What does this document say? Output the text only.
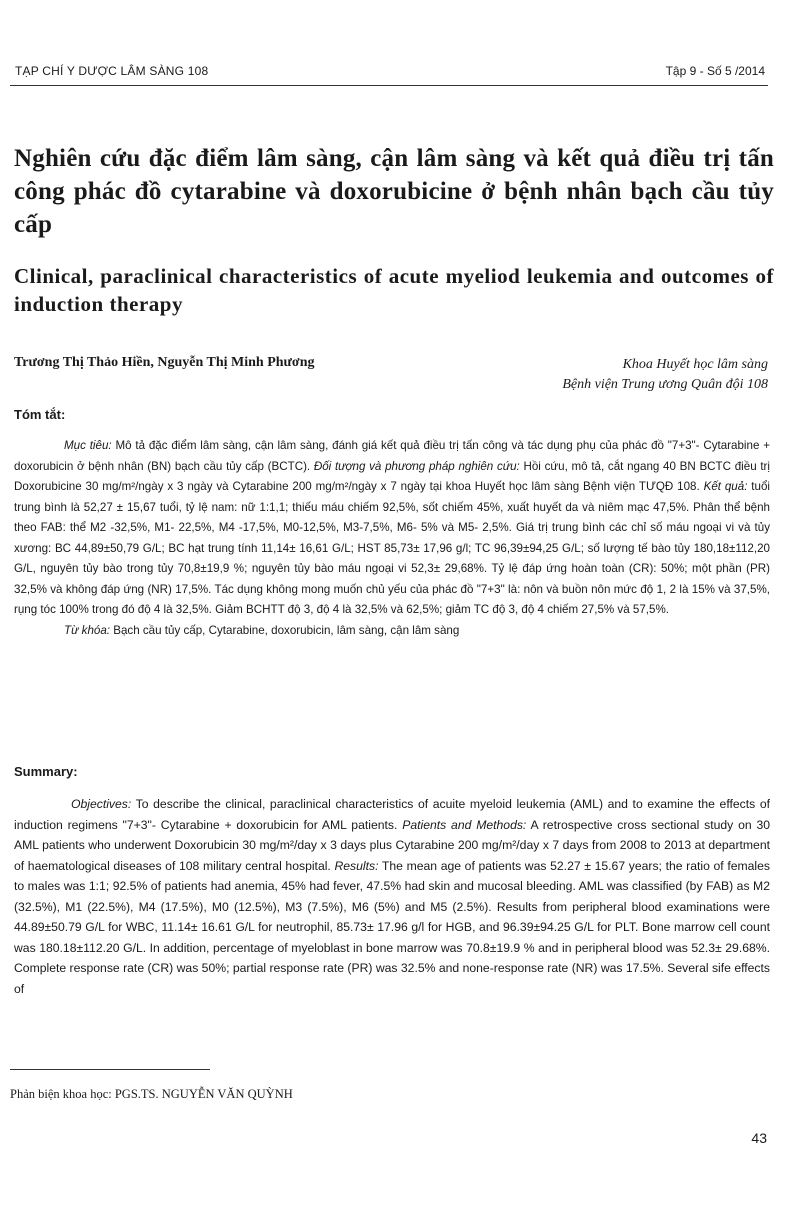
TẠP CHÍ Y DƯỢC LÂM SÀNG 108	Tập 9 - Số 5 /2014
Nghiên cứu đặc điểm lâm sàng, cận lâm sàng và kết quả điều trị tấn công phác đồ cytarabine và doxorubicine ở bệnh nhân bạch cầu tủy cấp
Clinical, paraclinical characteristics of acute myeliod leukemia and outcomes of induction therapy
Trương Thị Thảo Hiền, Nguyễn Thị Minh Phương	Khoa Huyết học lâm sàng
Bệnh viện Trung ương Quân đội 108
Tóm tắt:

Mục tiêu: Mô tả đặc điểm lâm sàng, cận lâm sàng, đánh giá kết quả điều trị tấn công và tác dụng phụ của phác đồ "7+3"- Cytarabine + doxorubicin ở bệnh nhân (BN) bạch cầu tủy cấp (BCTC). Đối tượng và phương pháp nghiên cứu: Hồi cứu, mô tả, cắt ngang 40 BN BCTC điều trị Doxorubicine 30 mg/m²/ngày x 3 ngày và Cytarabine 200 mg/m²/ngày x 7 ngày tại khoa Huyết học lâm sàng Bệnh viện TƯQĐ 108. Kết quả: tuổi trung bình là 52,27 ± 15,67 tuổi, tỷ lệ nam: nữ 1:1,1; thiếu máu chiếm 92,5%, sốt chiếm 45%, xuất huyết da và niêm mạc 47,5%. Phân thể bệnh theo FAB: thể M2 -32,5%, M1- 22,5%, M4 -17,5%, M0-12,5%, M3-7,5%, M6- 5% và M5- 2,5%. Giá trị trung bình các chỉ số máu ngoại vi và tủy xương: BC 44,89±50,79 G/L; BC hạt trung tính 11,14± 16,61 G/L; HST 85,73± 17,96 g/l; TC 96,39±94,25 G/L; số lượng tế bào tủy 180,18±112,20 G/L, nguyên tủy bào trong tủy 70,8±19,9 %; nguyên tủy bào máu ngoại vi 52,3± 29,68%. Tỷ lệ đáp ứng hoàn toàn (CR): 50%; một phần (PR) 32,5% và không đáp ứng (NR) 17,5%. Tác dụng không mong muốn chủ yếu của phác đồ "7+3" là: nôn và buồn nôn mức độ 1, 2 là 15% và 37,5%, rụng tóc 100% trong đó độ 4 là 32,5%. Giảm BCHTT độ 3, độ 4 là 32,5% và 62,5%; giảm TC độ 3, độ 4 chiếm 27,5% và 57,5%.

Từ khóa: Bạch cầu tủy cấp, Cytarabine, doxorubicin, lâm sàng, cận lâm sàng

Summary:

Objectives: To describe the clinical, paraclinical characteristics of acuite myeloid leukemia (AML) and to examine the effects of induction regimens "7+3"- Cytarabine + doxorubicin for AML patients. Patients and Methods: A retrospective cross sectional study on 30 AML patients who underwent Doxorubicin 30 mg/m²/day x 3 days plus Cytarabine 200 mg/m²/day x 7 days from 2008 to 2013 at department of haematological diseases of 108 military central hospital. Results: The mean age of patients was 52.27 ± 15.67 years; the ratio of females to males was 1:1; 92.5% of patients had anemia, 45% had fever, 47.5% had skin and mucosal bleeding. AML was classified (by FAB) as M2 (32.5%), M1 (22.5%), M4 (17.5%), M0 (12.5%), M3 (7.5%), M6 (5%) and M5 (2.5%). Results from peripheral blood examinations were 44.89±50.79 G/L for WBC, 11.14± 16.61 G/L for neutrophil, 85.73± 17.96 g/l for HGB, and 96.39±94.25 G/L for PLT. Bone marrow cell count was 180.18±112.20 G/L. In addition, percentage of myeloblast in bone marrow was 70.8±19.9 % and in peripheral blood was 52.3± 29.68%. Complete response rate (CR) was 50%; partial response rate (PR) was 32.5% and none-response rate (NR) was 17.5%. Several sife effects of

Phản biện khoa học: PGS.TS. NGUYỄN VĂN QUỲNH
43
